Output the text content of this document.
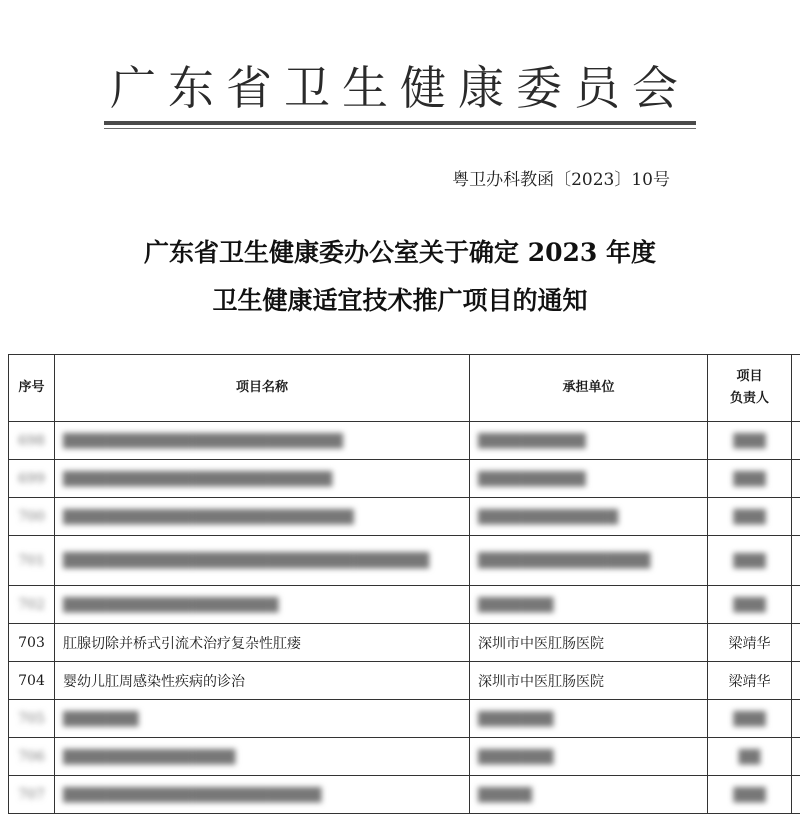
广东省卫生健康委员会
粤卫办科教函〔2023〕10号
广东省卫生健康委办公室关于确定 2023 年度
卫生健康适宜技术推广项目的通知
序号	项目名称	承担单位	项目
负责人	

698	██████████████████████████	██████████	███	

699	█████████████████████████	██████████	███	

700	███████████████████████████	█████████████	███	

701	██████████████████████████████████	████████████████	███	

702	████████████████████	███████	███	

703	肛腺切除并桥式引流术治疗复杂性肛瘘	深圳市中医肛肠医院	梁靖华	
704	婴幼儿肛周感染性疾病的诊治	深圳市中医肛肠医院	梁靖华	

705	███████	███████	███	

706	████████████████	███████	██	

707	████████████████████████	█████	███	
